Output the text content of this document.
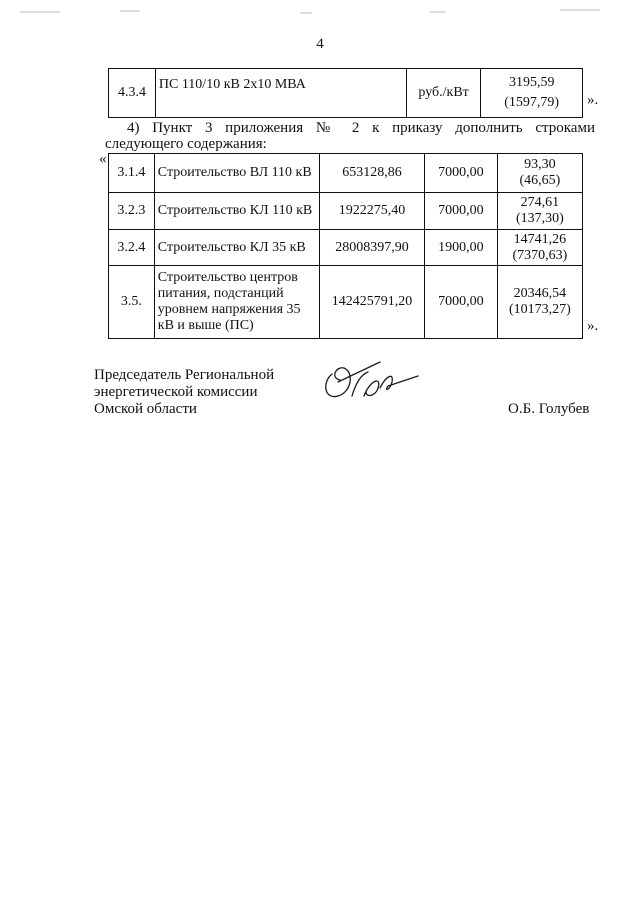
4
4.3.4	ПС 110/10 кВ 2х10 МВА	руб./кВт	
3195,59
(1597,79)	».
4) Пункт 3 приложения № 2 к приказу дополнить строками
следующего содержания:
«
3.1.4	Строительство ВЛ 110 кВ	653128,86	7000,00	93,30
(46,65)

3.2.3	Строительство КЛ 110 кВ	1922275,40	7000,00	274,61
(137,30)

3.2.4	Строительство КЛ 35 кВ	28008397,90	1900,00	14741,26
(7370,63)

3.5.	Строительство центров питания, подстанций уровнем напряжения 35 кВ и выше (ПС)	142425791,20	7000,00	20346,54
(10173,27)
».
Председатель Региональной
энергетической комиссии
Омской области	О.Б. Голубев
